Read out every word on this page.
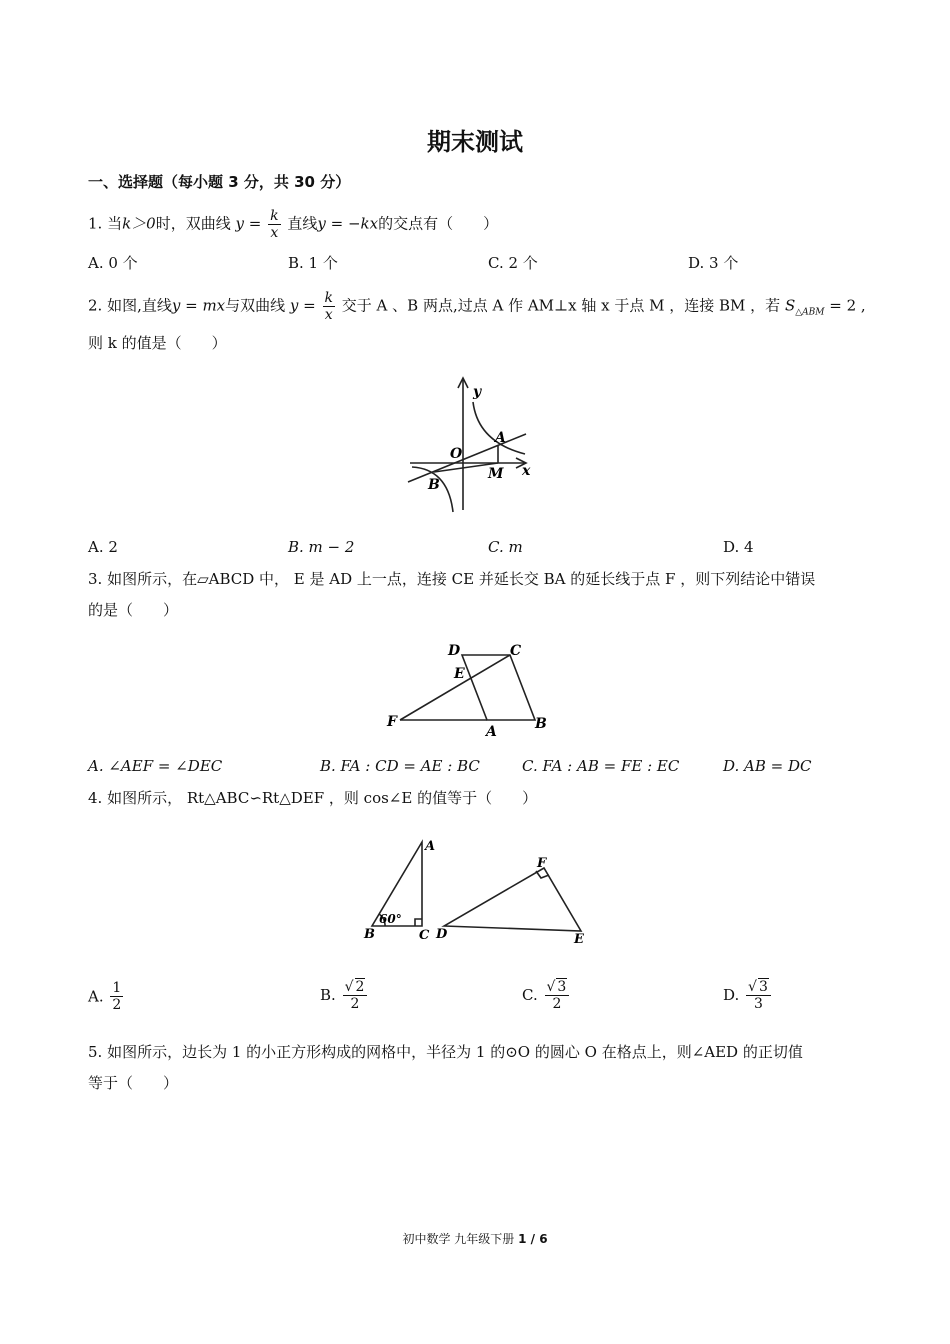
期末测试
一、选择题（每小题 3 分，共 30 分）
1. 当k＞0时，双曲线 $y = \frac{k}{x}$ 直线y = −kx的交点有（　　）
A. 0 个	B. 1 个	C. 2 个	D. 3 个
2. 如图,直线y = mx与双曲线 $y = \frac{k}{x}$ 交于 A 、B 两点,过点 A 作 AM⊥x 轴 x 于点 M ，连接 BM ，若 $S_{\triangle ABM} = 2$ ,
则 k 的值是（　　）
y
O
A
M x
B
A. 2	B. m − 2	C. m	D. 4
3. 如图所示，在▱ABCD 中， E 是 AD 上一点，连接 CE 并延长交 BA 的延长线于点 F ，则下列结论中错误
的是（　　）
D	C
E
F
A	B
A. ∠AEF = ∠DEC	B. FA : CD = AE : BC	C. FA : AB = FE : EC	D. AB = DC
4. 如图所示， Rt△ABC∽Rt△DEF ，则 cos∠E 的值等于（　　）
A
B	C
60°
F
D	E
A. $\frac{1}{2}$	B. $\frac{√ 2}{2}$	C. $\frac{√ 3}{2}$	D. $\frac{√ 3}{3}$
5. 如图所示，边长为 1 的小正方形构成的网格中，半径为 1 的⊙O 的圆心 O 在格点上，则∠AED 的正切值
等于（　　）
初中数学 九年级下册 1 / 6
